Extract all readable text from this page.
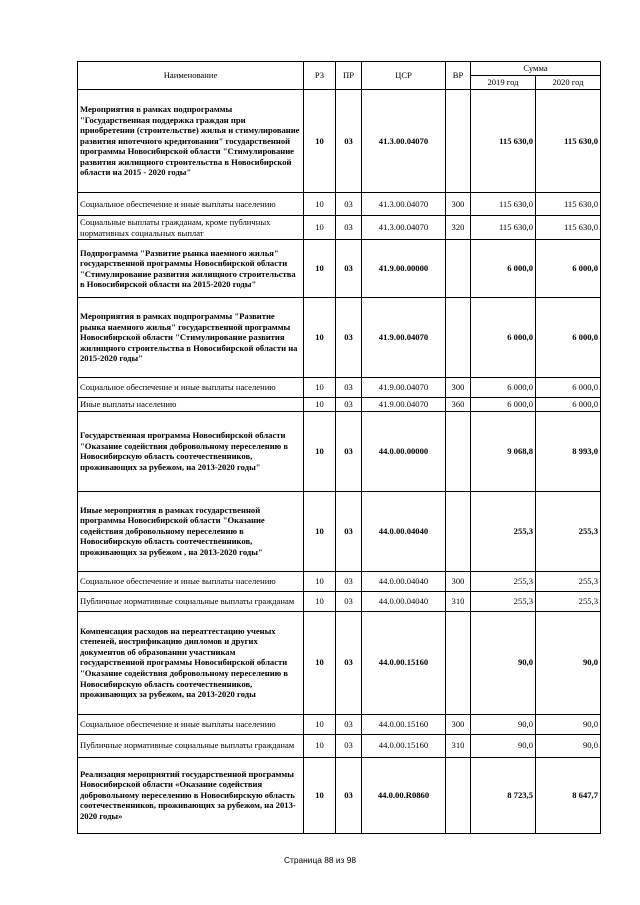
Наименование	РЗ	ПР	ЦСР	ВР	Сумма	
					2019 год	2020 год
Мероприятия в рамках подпрограммы "Государственная поддержка граждан при приобретении (строительстве) жилья и стимулирование развития ипотечного кредитования" государственной программы Новосибирской области "Стимулирование развития жилищного строительства в Новосибирской области на 2015 - 2020 годы"	10	03	41.3.00.04070		115 630,0	115 630,0
Социальное обеспечение и иные выплаты населению	10	03	41.3.00.04070	300	115 630,0	115 630,0
Социальные выплаты гражданам, кроме публичных нормативных социальных выплат	10	03	41.3.00.04070	320	115 630,0	115 630,0
Подпрограмма "Развитие рынка наемного жилья" государственной программы Новосибирской области "Стимулирование развития жилищного строительства в Новосибирской области на 2015-2020 годы"	10	03	41.9.00.00000		6 000,0	6 000,0
Мероприятия в рамках подпрограммы "Развитие рынка наемного жилья" государственной программы Новосибирской области "Стимулирование развития жилищного строительства в Новосибирской области на 2015-2020 годы"	10	03	41.9.00.04070		6 000,0	6 000,0
Социальное обеспечение и иные выплаты населению	10	03	41.9.00.04070	300	6 000,0	6 000,0
Иные выплаты населению	10	03	41.9.00.04070	360	6 000,0	6 000,0
Государственная программа Новосибирской области "Оказание содействия добровольному переселению в Новосибирскую область соотечественников, проживающих за рубежом, на 2013-2020 годы"	10	03	44.0.00.00000		9 068,8	8 993,0
Иные мероприятия в рамках государственной программы Новосибирской области "Оказание содействия добровольному переселению в Новосибирскую область соотечественников, проживающих за рубежом , на 2013-2020 годы"	10	03	44.0.00.04040		255,3	255,3
Социальное обеспечение и иные выплаты населению	10	03	44.0.00.04040	300	255,3	255,3
Публичные нормативные социальные выплаты гражданам	10	03	44.0.00.04040	310	255,3	255,3
Компенсация расходов на переаттестацию ученых степеней, нострификацию дипломов и других документов об образовании участникам государственной программы Новосибирской области "Оказание содействия добровольному переселению в Новосибирскую область соотечественников, проживающих за рубежом, на 2013-2020 годы	10	03	44.0.00.15160		90,0	90,0
Социальное обеспечение и иные выплаты населению	10	03	44.0.00.15160	300	90,0	90,0
Публичные нормативные социальные выплаты гражданам	10	03	44.0.00.15160	310	90,0	90,0
Реализация мероприятий государственной программы Новосибирской области «Оказание содействия добровольному переселению в Новосибирскую область соотечественников, проживающих за рубежом, на 2013-2020 годы»	10	03	44.0.00.R0860		8 723,5	8 647,7
Страница 88 из 98
